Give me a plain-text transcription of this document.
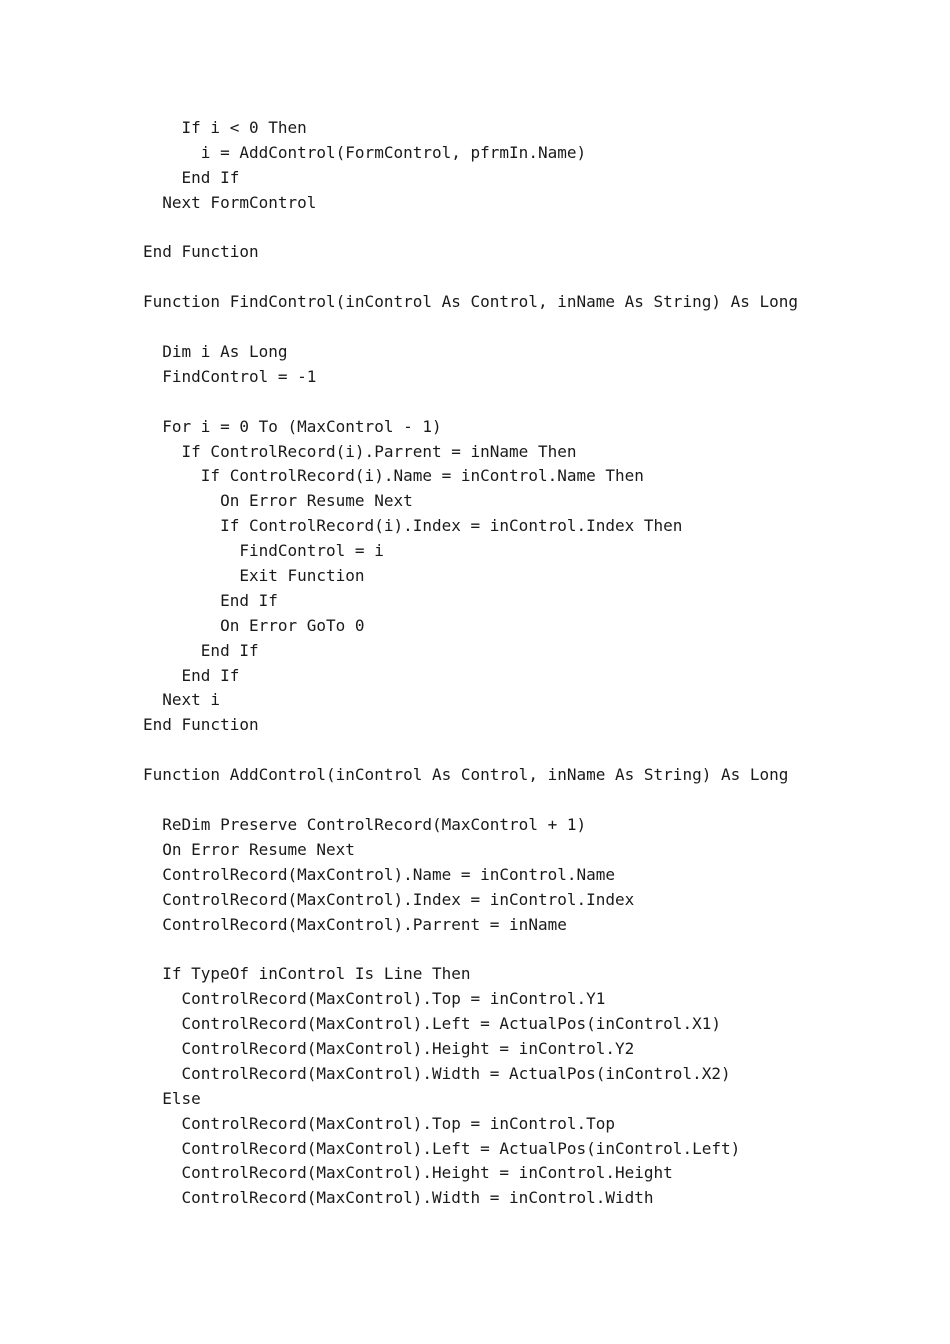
If i < 0 Then
i = AddControl(FormControl, pfrmIn.Name)
End If
Next FormControl
End Function
Function FindControl(inControl As Control, inName As String) As Long
Dim i As Long
FindControl = -1
For i = 0 To (MaxControl - 1)
If ControlRecord(i).Parrent = inName Then
If ControlRecord(i).Name = inControl.Name Then
On Error Resume Next
If ControlRecord(i).Index = inControl.Index Then
FindControl = i
Exit Function
End If
On Error GoTo 0
End If
End If
Next i
End Function
Function AddControl(inControl As Control, inName As String) As Long
ReDim Preserve ControlRecord(MaxControl + 1)
On Error Resume Next
ControlRecord(MaxControl).Name = inControl.Name
ControlRecord(MaxControl).Index = inControl.Index
ControlRecord(MaxControl).Parrent = inName
If TypeOf inControl Is Line Then
ControlRecord(MaxControl).Top = inControl.Y1
ControlRecord(MaxControl).Left = ActualPos(inControl.X1)
ControlRecord(MaxControl).Height = inControl.Y2
ControlRecord(MaxControl).Width = ActualPos(inControl.X2)
Else
ControlRecord(MaxControl).Top = inControl.Top
ControlRecord(MaxControl).Left = ActualPos(inControl.Left)
ControlRecord(MaxControl).Height = inControl.Height
ControlRecord(MaxControl).Width = inControl.Width
